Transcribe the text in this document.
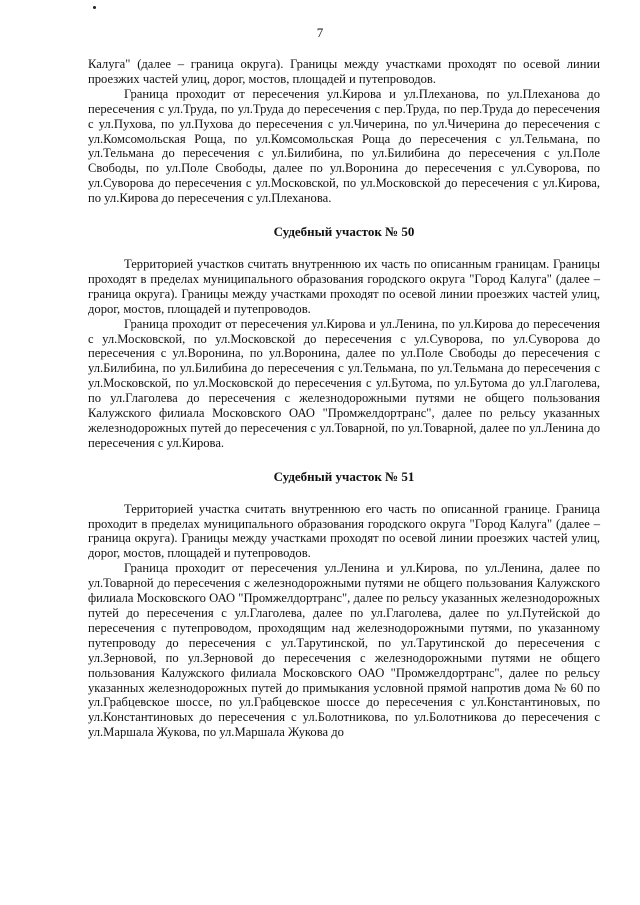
7

Калуга" (далее – граница округа). Границы между участками проходят по осевой линии проезжих частей улиц, дорог, мостов, площадей и путепроводов.

Граница проходит от пересечения ул.Кирова и ул.Плеханова, по ул.Плеханова до пересечения с ул.Труда, по ул.Труда до пересечения с пер.Труда, по пер.Труда до пересечения с ул.Пухова, по ул.Пухова до пересечения с ул.Чичерина, по ул.Чичерина до пересечения с ул.Комсомольская Роща, по ул.Комсомольская Роща до пересечения с ул.Тельмана, по ул.Тельмана до пересечения с ул.Билибина, по ул.Билибина до пересечения с ул.Поле Свободы, по ул.Поле Свободы, далее по ул.Воронина до пересечения с ул.Суворова, по ул.Суворова до пересечения с ул.Московской, по ул.Московской до пересечения с ул.Кирова, по ул.Кирова до пересечения с ул.Плеханова.

Судебный участок № 50

Территорией участков считать внутреннюю их часть по описанным границам. Границы проходят в пределах муниципального образования городского округа "Город Калуга" (далее – граница округа). Границы между участками проходят по осевой линии проезжих частей улиц, дорог, мостов, площадей и путепроводов.

Граница проходит от пересечения ул.Кирова и ул.Ленина, по ул.Кирова до пересечения с ул.Московской, по ул.Московской до пересечения с ул.Суворова, по ул.Суворова до пересечения с ул.Воронина, по ул.Воронина, далее по ул.Поле Свободы до пересечения с ул.Билибина, по ул.Билибина до пересечения с ул.Тельмана, по ул.Тельмана до пересечения с ул.Московской, по ул.Московской до пересечения с ул.Бутома, по ул.Бутома до ул.Глаголева, по ул.Глаголева до пересечения с железнодорожными путями не общего пользования Калужского филиала Московского ОАО "Промжелдортранс", далее по рельсу указанных железнодорожных путей до пересечения с ул.Товарной, по ул.Товарной, далее по ул.Ленина до пересечения с ул.Кирова.

Судебный участок № 51

Территорией участка считать внутреннюю его часть по описанной границе. Граница проходит в пределах муниципального образования городского округа "Город Калуга" (далее – граница округа). Границы между участками проходят по осевой линии проезжих частей улиц, дорог, мостов, площадей и путепроводов.

Граница проходит от пересечения ул.Ленина и ул.Кирова, по ул.Ленина, далее по ул.Товарной до пересечения с железнодорожными путями не общего пользования Калужского филиала Московского ОАО "Промжелдортранс", далее по рельсу указанных железнодорожных путей до пересечения с ул.Глаголева, далее по ул.Глаголева, далее по ул.Путейской до пересечения с путепроводом, проходящим над железнодорожными путями, по указанному путепроводу до пересечения с ул.Тарутинской, по ул.Тарутинской до пересечения с ул.Зерновой, по ул.Зерновой до пересечения с железнодорожными путями не общего пользования Калужского филиала Московского ОАО "Промжелдортранс", далее по рельсу указанных железнодорожных путей до примыкания условной прямой напротив дома № 60 по ул.Грабцевское шоссе, по ул.Грабцевское шоссе до пересечения с ул.Константиновых, по ул.Константиновых до пересечения с ул.Болотникова, по ул.Болотникова до пересечения с ул.Маршала Жукова, по ул.Маршала Жукова до
